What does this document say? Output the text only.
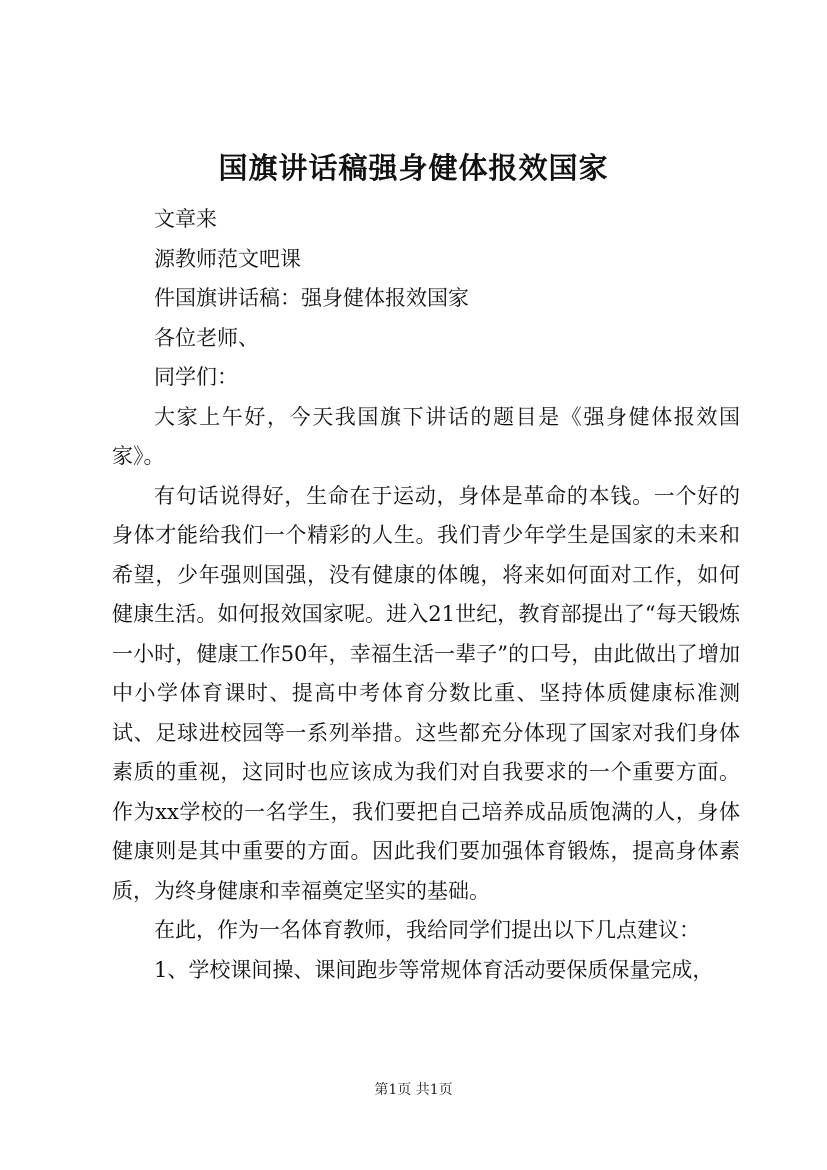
国旗讲话稿强身健体报效国家

文章来

源教师范文吧课

件国旗讲话稿：强身健体报效国家

各位老师、

同学们：

大家上午好，今天我国旗下讲话的题目是《强身健体报效国家》。

有句话说得好，生命在于运动，身体是革命的本钱。一个好的身体才能给我们一个精彩的人生。我们青少年学生是国家的未来和希望，少年强则国强，没有健康的体魄，将来如何面对工作，如何健康生活。如何报效国家呢。进入21世纪，教育部提出了“每天锻炼一小时，健康工作50年，幸福生活一辈子”的口号，由此做出了增加中小学体育课时、提高中考体育分数比重、坚持体质健康标准测试、足球进校园等一系列举措。这些都充分体现了国家对我们身体素质的重视，这同时也应该成为我们对自我要求的一个重要方面。作为xx学校的一名学生，我们要把自己培养成品质饱满的人，身体健康则是其中重要的方面。因此我们要加强体育锻炼，提高身体素质，为终身健康和幸福奠定坚实的基础。

在此，作为一名体育教师，我给同学们提出以下几点建议：

1、学校课间操、课间跑步等常规体育活动要保质保量完成，

第1页 共1页
